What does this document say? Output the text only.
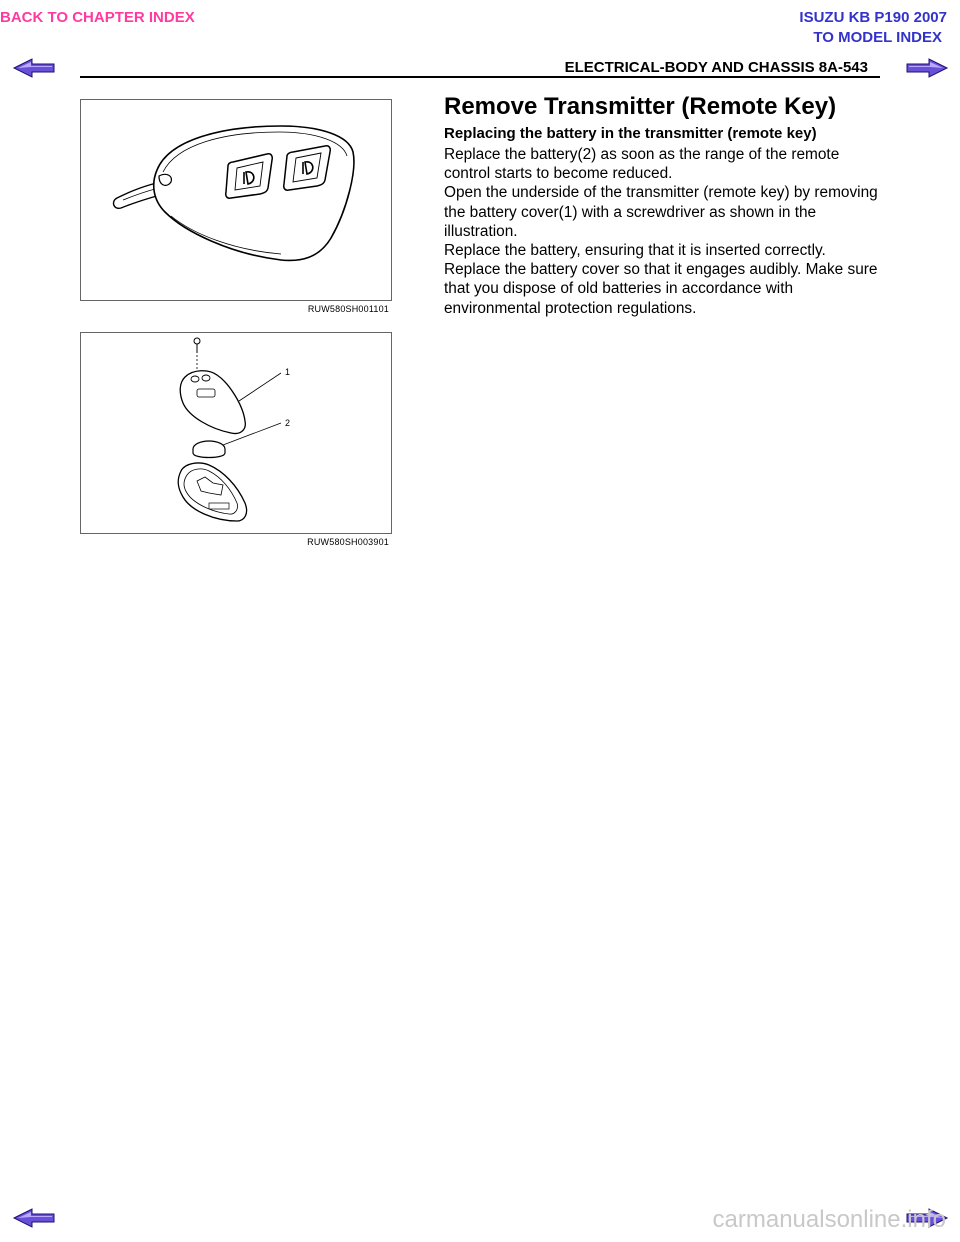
BACK TO CHAPTER INDEX	ISUZU KB P190 2007
TO MODEL INDEX
ELECTRICAL-BODY AND CHASSIS 8A-543
RUW580SH001101
1
2
RUW580SH003901
Remove Transmitter (Remote Key)
Replacing the battery in the transmitter (remote key)

Replace the battery(2) as soon as the range of the remote control starts to become reduced.

Open the underside of the transmitter (remote key) by removing the battery cover(1) with a screwdriver as shown in the illustration.

Replace the battery, ensuring that it is inserted correctly.

Replace the battery cover so that it engages audibly. Make sure that you dispose of old batteries in accordance with environmental protection regulations.

carmanualsonline.info
